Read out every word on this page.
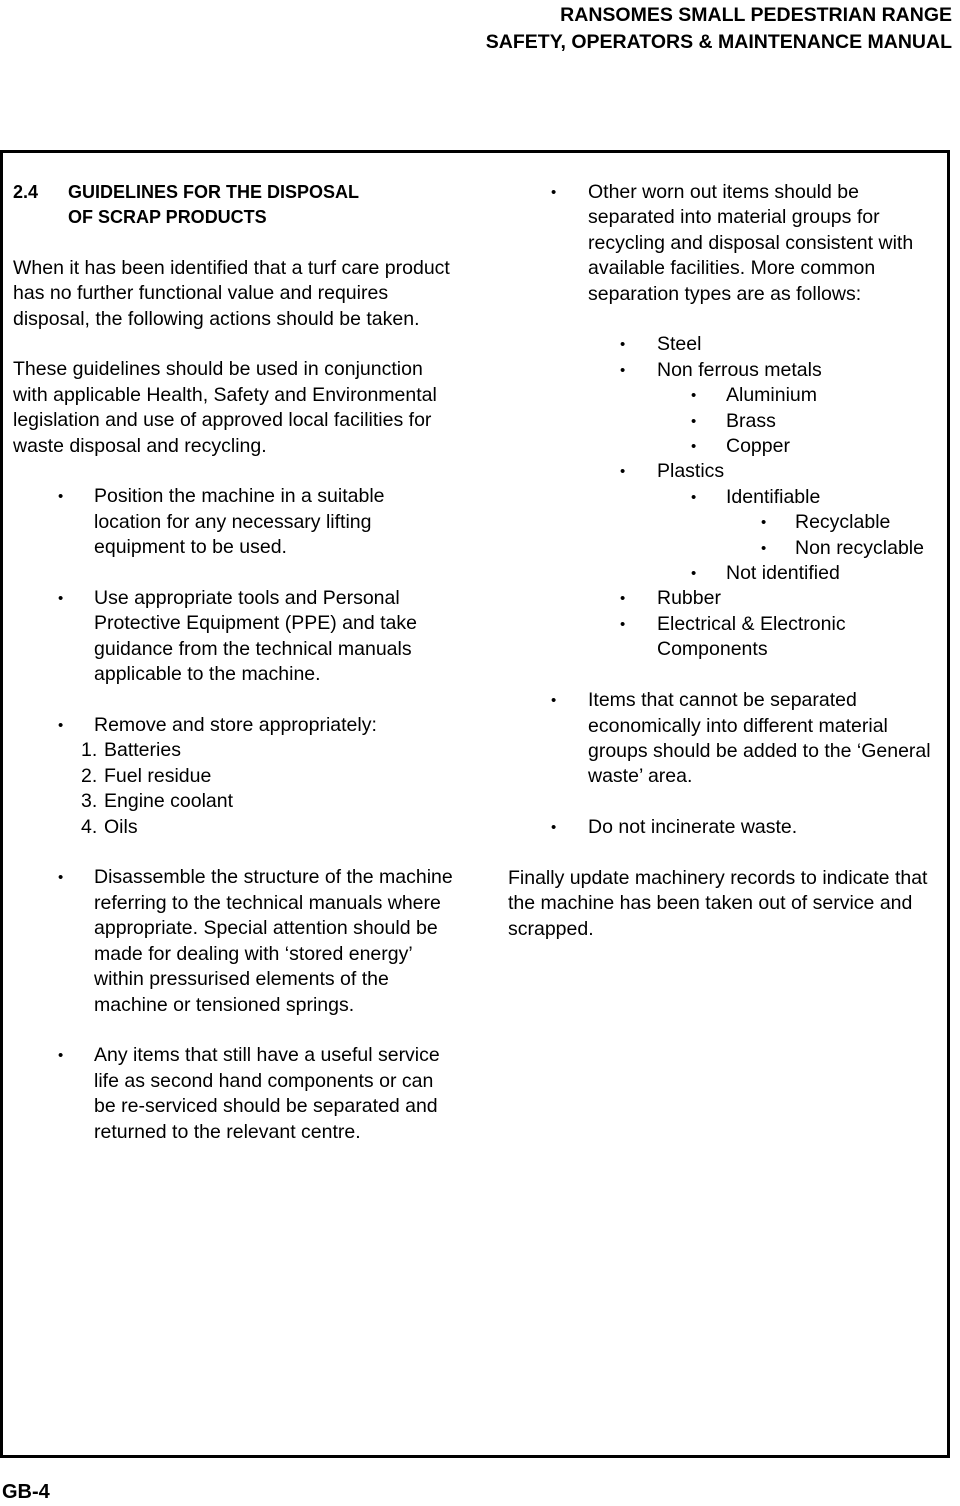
RANSOMES SMALL PEDESTRIAN RANGE
SAFETY, OPERATORS & MAINTENANCE MANUAL
2.4 GUIDELINES FOR THE DISPOSAL
OF SCRAP PRODUCTS

When it has been identified that a turf care product has no further functional value and requires disposal, the following actions should be taken.

These guidelines should be used in conjunction with applicable Health, Safety and Environmental legislation and use of approved local facilities for waste disposal and recycling.

• Position the machine in a suitable location for any necessary lifting equipment to be used.
• Use appropriate tools and Personal Protective Equipment (PPE) and take guidance from the technical manuals applicable to the machine.
• Remove and store appropriately:
1. Batteries
2. Fuel residue
3. Engine coolant
4. Oils
• Disassemble the structure of the machine referring to the technical manuals where appropriate. Special attention should be made for dealing with ‘stored energy’ within pressurised elements of the machine or tensioned springs.
• Any items that still have a useful service life as second hand components or can be re-serviced should be separated and returned to the relevant centre.
• Other worn out items should be separated into material groups for recycling and disposal consistent with available facilities. More common separation types are as follows:
• Steel
• Non ferrous metals
• Aluminium
• Brass
• Copper
• Plastics
• Identifiable
• Recyclable
• Non recyclable
• Not identified
• Rubber
• Electrical & Electronic Components
• Items that cannot be separated economically into different material groups should be added to the ‘General waste’ area.
• Do not incinerate waste.

Finally update machinery records to indicate that the machine has been taken out of service and scrapped.

GB-4
